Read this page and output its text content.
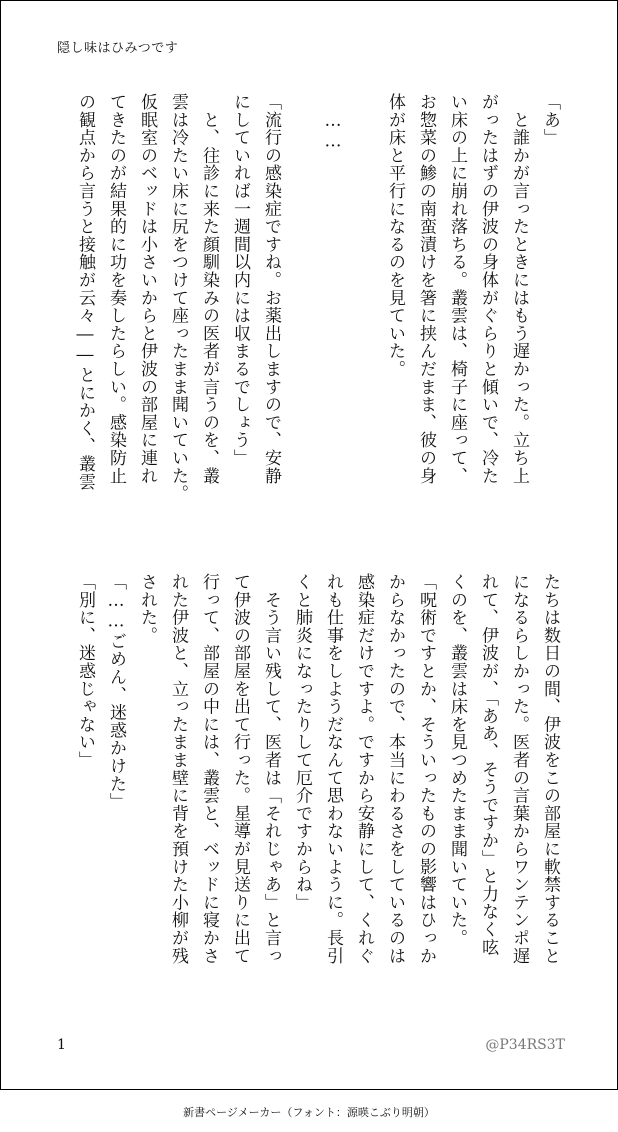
隠し味はひみつです
「あ」
　と誰かが言ったときにはもう遅かった。立ち上
がったはずの伊波の身体がぐらりと傾いで、冷た
い床の上に崩れ落ちる。叢雲は、椅子に座って、
お惣菜の鯵の南蛮漬けを箸に挟んだまま、彼の身
体が床と平行になるのを見ていた。
　……
「流行の感染症ですね。お薬出しますので、安静
にしていれば一週間以内には収まるでしょう」
　と、往診に来た顔馴染みの医者が言うのを、叢
雲は冷たい床に尻をつけて座ったまま聞いていた。
仮眠室のベッドは小さいからと伊波の部屋に連れ
てきたのが結果的に功を奏したらしい。感染防止
の観点から言うと接触が云々――とにかく、叢雲
たちは数日の間、伊波をこの部屋に軟禁すること
になるらしかった。医者の言葉からワンテンポ遅
れて、伊波が、「ああ、そうですか」と力なく呟
くのを、叢雲は床を見つめたまま聞いていた。
「呪術ですとか、そういったものの影響はひっか
からなかったので、本当にわるさをしているのは
感染症だけですよ。ですから安静にして、くれぐ
れも仕事をしようだなんて思わないように。長引
くと肺炎になったりして厄介ですからね」
　そう言い残して、医者は「それじゃあ」と言っ
て伊波の部屋を出て行った。星導が見送りに出て
行って、部屋の中には、叢雲と、ベッドに寝かさ
れた伊波と、立ったまま壁に背を預けた小柳が残
された。
「……ごめん、迷惑かけた」
「別に、迷惑じゃない」
1	@P34RS3T
新書ページメーカー（フォント：源暎こぶり明朝）
